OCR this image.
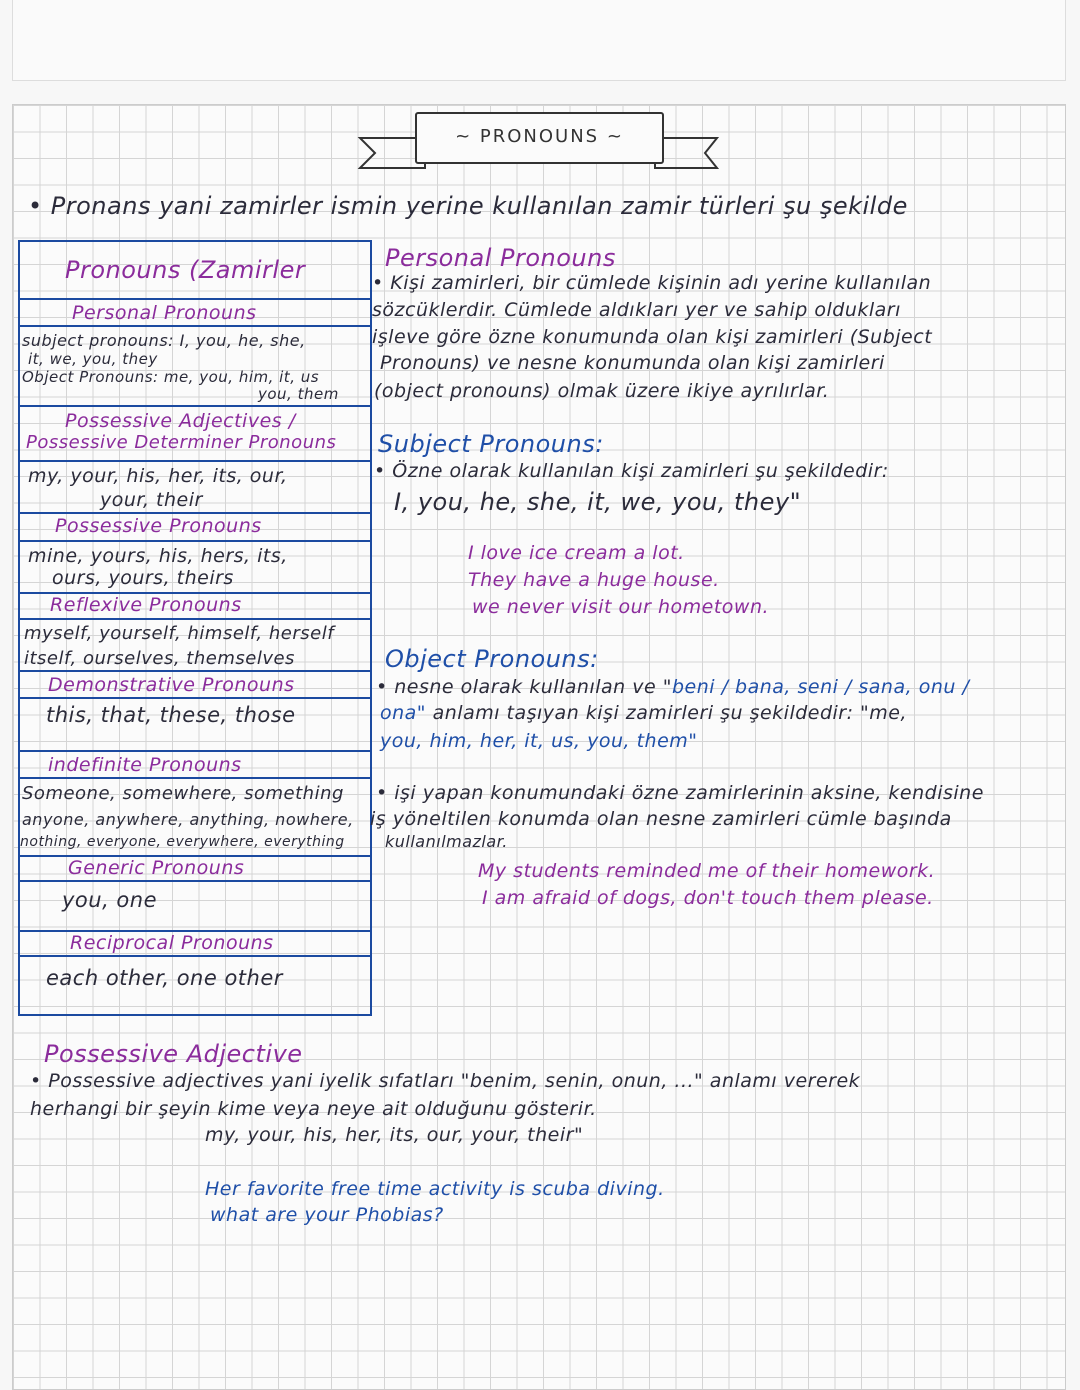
~ PRONOUNS ~
• Pronans yani zamirler ismin yerine kullanılan zamir türleri şu şekilde
Pronouns (Zamirler
Personal Pronouns
subject pronouns: I, you, he, she,
it, we, you, they
Object Pronouns: me, you, him, it, us
you, them
Possessive Adjectives /
Possessive Determiner Pronouns
my, your, his, her, its, our,
your, their
Possessive Pronouns
mine, yours, his, hers, its,
ours, yours, theirs
Reflexive Pronouns
myself, yourself, himself, herself
itself, ourselves, themselves
Demonstrative Pronouns
this, that, these, those
indefinite Pronouns
Someone, somewhere, something
anyone, anywhere, anything, nowhere,
nothing, everyone, everywhere, everything
Generic Pronouns
you, one
Reciprocal Pronouns
each other, one other
Personal Pronouns
• Kişi zamirleri, bir cümlede kişinin adı yerine kullanılan
sözcüklerdir. Cümlede aldıkları yer ve sahip oldukları
işleve göre özne konumunda olan kişi zamirleri (Subject
Pronouns) ve nesne konumunda olan kişi zamirleri
(object pronouns) olmak üzere ikiye ayrılırlar.
Subject Pronouns:
• Özne olarak kullanılan kişi zamirleri şu şekildedir:
I, you, he, she, it, we, you, they"
I love ice cream a lot.
They have a huge house.
we never visit our hometown.
Object Pronouns:
• nesne olarak kullanılan ve "beni / bana, seni / sana, onu /
ona" anlamı taşıyan kişi zamirleri şu şekildedir: "me,
you, him, her, it, us, you, them"
• işi yapan konumundaki özne zamirlerinin aksine, kendisine
iş yöneltilen konumda olan nesne zamirleri cümle başında
kullanılmazlar.
My students reminded me of their homework.
I am afraid of dogs, don't touch them please.
Possessive Adjective
• Possessive adjectives yani iyelik sıfatları "benim, senin, onun, ..." anlamı vererek
herhangi bir şeyin kime veya neye ait olduğunu gösterir.
my, your, his, her, its, our, your, their"
Her favorite free time activity is scuba diving.
what are your Phobias?
